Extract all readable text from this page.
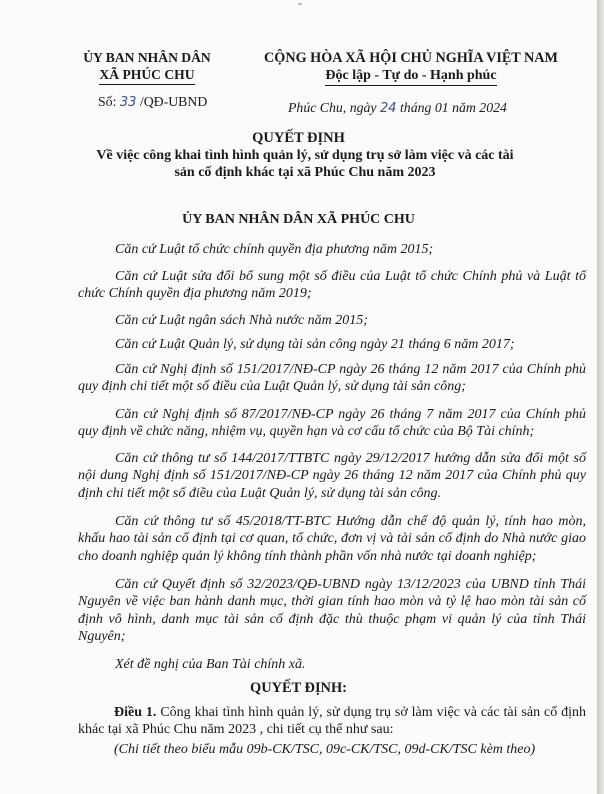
-
ỦY BAN NHÂN DÂN
XÃ PHÚC CHU
CỘNG HÒA XÃ HỘI CHỦ NGHĨA VIỆT NAM
Độc lập - Tự do - Hạnh phúc
Số: 33 /QĐ-UBND	Phúc Chu, ngày 24 tháng 01 năm 2024
QUYẾT ĐỊNH
Về việc công khai tình hình quản lý, sử dụng trụ sở làm việc và các tài sản cố định khác tại xã Phúc Chu năm 2023
ỦY BAN NHÂN DÂN XÃ PHÚC CHU
Căn cứ Luật tổ chức chính quyền địa phương năm 2015;
Căn cứ Luật sửa đổi bổ sung một số điều của Luật tổ chức Chính phủ và Luật tổ chức Chính quyền địa phương năm 2019;
Căn cứ Luật ngân sách Nhà nước năm 2015;
Căn cứ Luật Quản lý, sử dụng tài sản công ngày 21 tháng 6 năm 2017;
Căn cứ Nghị định số 151/2017/NĐ-CP ngày 26 tháng 12 năm 2017 của Chính phủ quy định chi tiết một số điều của Luật Quản lý, sử dụng tài sản công;
Căn cứ Nghị định số 87/2017/NĐ-CP ngày 26 tháng 7 năm 2017 của Chính phủ quy định về chức năng, nhiệm vụ, quyền hạn và cơ cấu tổ chức của Bộ Tài chính;
Căn cứ thông tư số 144/2017/TTBTC ngày 29/12/2017 hướng dẫn sửa đổi một số nội dung Nghị định số 151/2017/NĐ-CP ngày 26 tháng 12 năm 2017 của Chính phủ quy định chi tiết một số điều của Luật Quản lý, sử dụng tài sản công.
Căn cứ thông tư số 45/2018/TT-BTC Hướng dẫn chế độ quản lý, tính hao mòn, khấu hao tài sản cố định tại cơ quan, tổ chức, đơn vị và tài sản cố định do Nhà nước giao cho doanh nghiệp quản lý không tính thành phần vốn nhà nước tại doanh nghiệp;
Căn cứ Quyết định số 32/2023/QĐ-UBND ngày 13/12/2023 của UBND tỉnh Thái Nguyên về việc ban hành danh mục, thời gian tính hao mòn và tỷ lệ hao mòn tài sản cố định vô hình, danh mục tài sản cố định đặc thù thuộc phạm vi quản lý của tỉnh Thái Nguyên;
Xét đề nghị của Ban Tài chính xã.
QUYẾT ĐỊNH:
Điều 1. Công khai tình hình quản lý, sử dụng trụ sở làm việc và các tài sản cố định khác tại xã Phúc Chu năm 2023 , chi tiết cụ thể như sau:
(Chi tiết theo biểu mẫu 09b-CK/TSC, 09c-CK/TSC, 09d-CK/TSC kèm theo)
